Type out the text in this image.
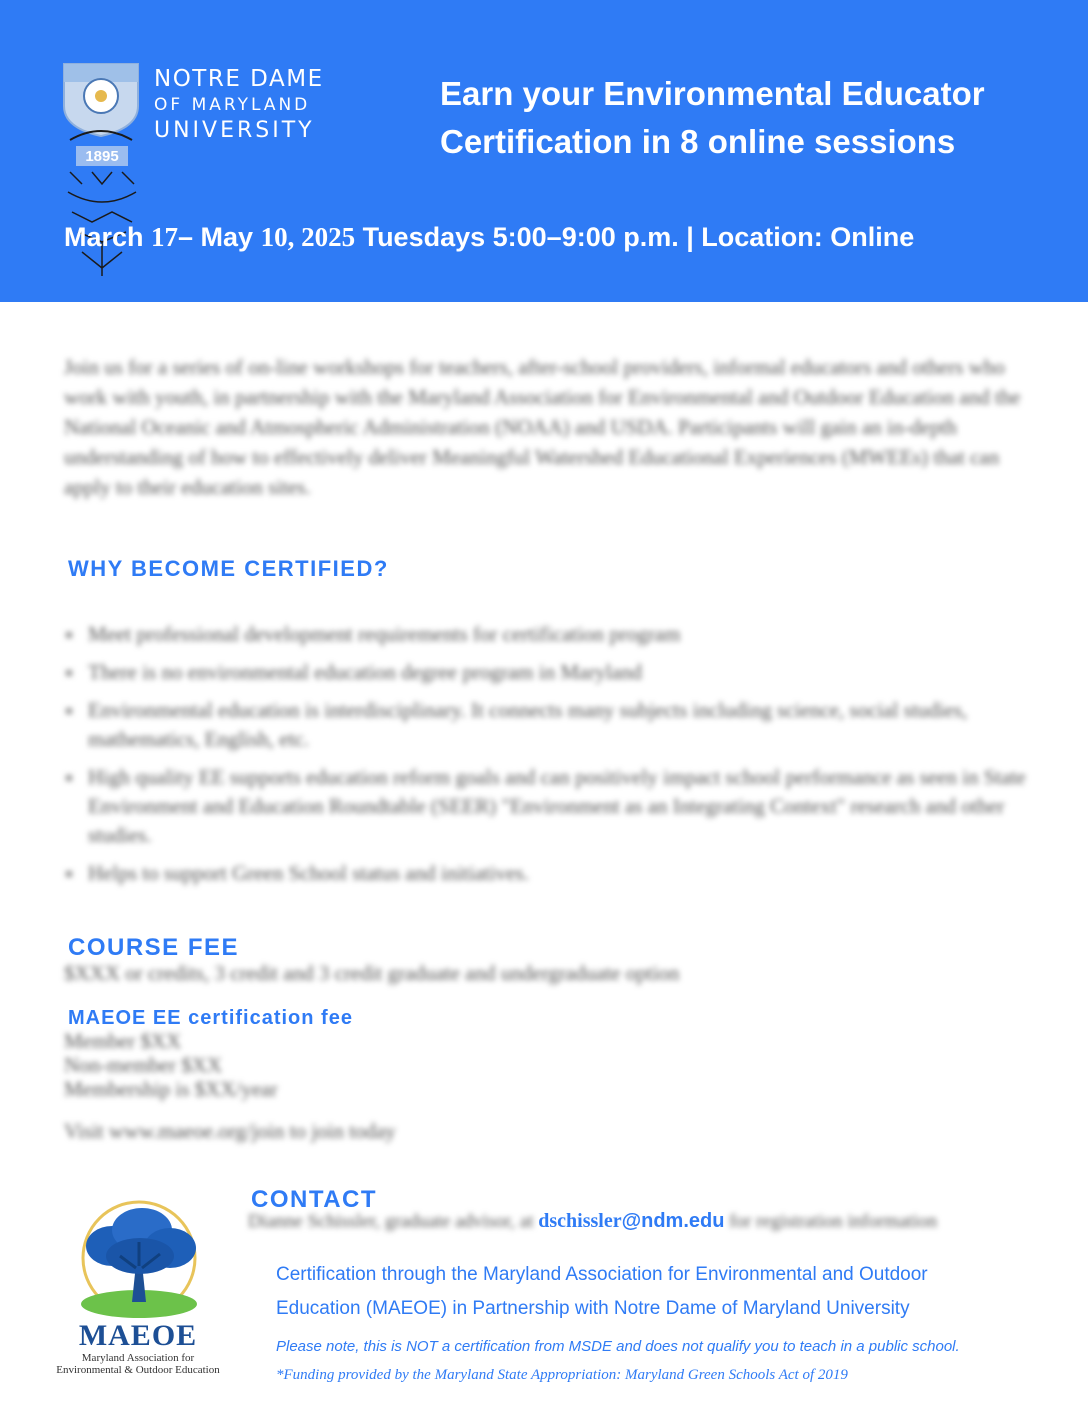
1895
NOTRE DAME
OF MARYLAND
UNIVERSITY
Earn your Environmental Educator
Certification in 8 online sessions
March 17– May 10, 2025 Tuesdays 5:00–9:00 p.m. | Location: Online
Join us for a series of on-line workshops for teachers, after-school providers, informal educators and others who work with youth, in partnership with the Maryland Association for Environmental and Outdoor Education and the National Oceanic and Atmospheric Administration (NOAA) and USDA. Participants will gain an in-depth understanding of how to effectively deliver Meaningful Watershed Educational Experiences (MWEEs) that can apply to their education sites.
WHY BECOME CERTIFIED?
Meet professional development requirements for certification program
There is no environmental education degree program in Maryland
Environmental education is interdisciplinary. It connects many subjects including science, social studies, mathematics, English, etc.
High quality EE supports education reform goals and can positively impact school performance as seen in State Environment and Education Roundtable (SEER) "Environment as an Integrating Context" research and other studies.
Helps to support Green School status and initiatives.
COURSE FEE
$XXX or credits, 3 credit and 3 credit graduate and undergraduate option
MAEOE EE certification fee
Member $XX
Non-member $XX
Membership is $XX/year
Visit www.maeoe.org/join to join today
CONTACT
Dianne Schissler, graduate advisor, at dschissler@ndm.edu for registration information
Certification through the Maryland Association for Environmental and Outdoor
Education (MAEOE) in Partnership with Notre Dame of Maryland University
Please note, this is NOT a certification from MSDE and does not qualify you to teach in a public school.
*Funding provided by the Maryland State Appropriation: Maryland Green Schools Act of 2019
MAEOE
Maryland Association for
Environmental & Outdoor Education
